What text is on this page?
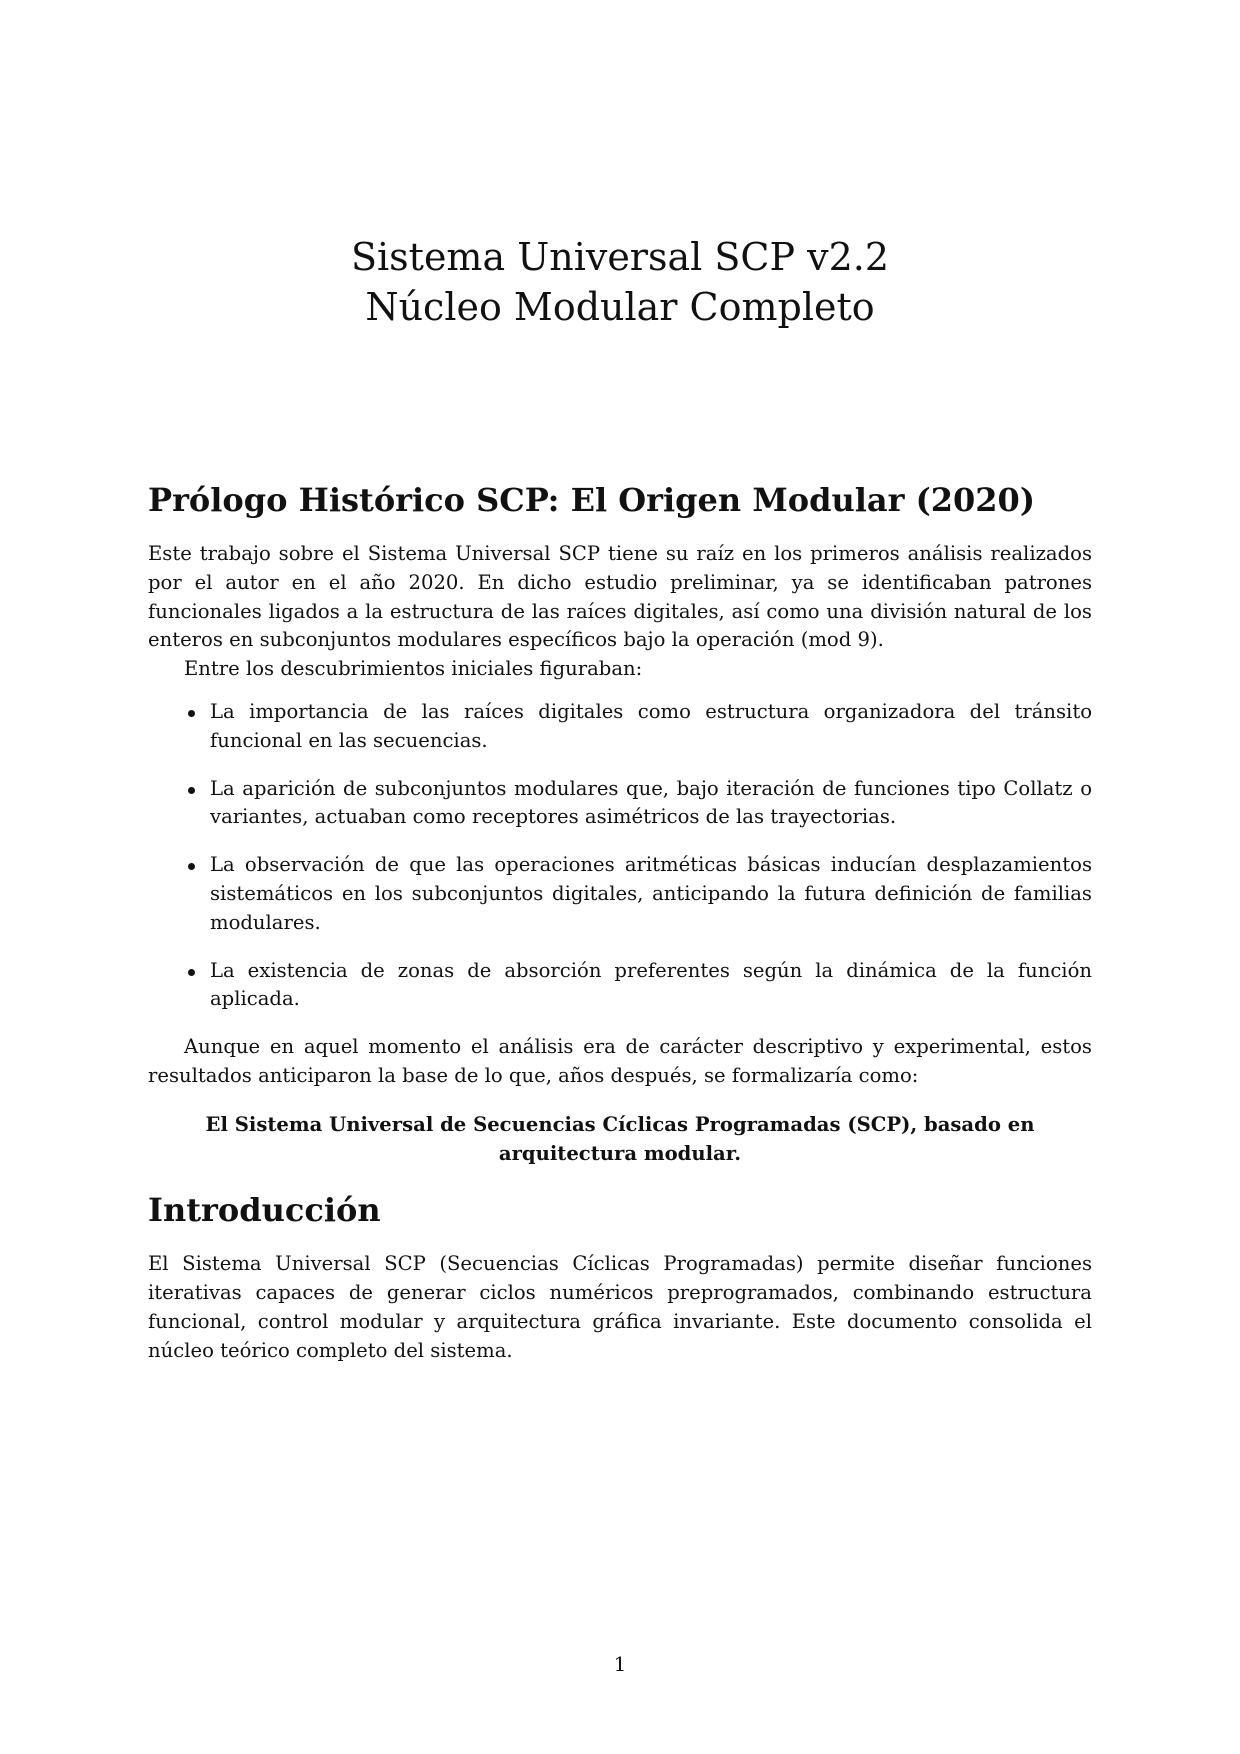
Sistema Universal SCP v2.2

Núcleo Modular Completo

Prólogo Histórico SCP: El Origen Modular (2020)

Este trabajo sobre el Sistema Universal SCP tiene su raíz en los primeros análisis realizados por el autor en el año 2020. En dicho estudio preliminar, ya se identificaban patrones funcionales ligados a la estructura de las raíces digitales, así como una división natural de los enteros en subconjuntos modulares específicos bajo la operación (mod 9).

Entre los descubrimientos iniciales figuraban:

La importancia de las raíces digitales como estructura organizadora del tránsito funcional en las secuencias.
La aparición de subconjuntos modulares que, bajo iteración de funciones tipo Collatz o variantes, actuaban como receptores asimétricos de las trayectorias.
La observación de que las operaciones aritméticas básicas inducían desplazamientos sistemáticos en los subconjuntos digitales, anticipando la futura definición de familias modulares.
La existencia de zonas de absorción preferentes según la dinámica de la función aplicada.

Aunque en aquel momento el análisis era de carácter descriptivo y experimental, estos resultados anticiparon la base de lo que, años después, se formalizaría como:

El Sistema Universal de Secuencias Cíclicas Programadas (SCP), basado en arquitectura modular.
Introducción

El Sistema Universal SCP (Secuencias Cíclicas Programadas) permite diseñar funciones iterativas capaces de generar ciclos numéricos preprogramados, combinando estructura funcional, control modular y arquitectura gráfica invariante. Este documento consolida el núcleo teórico completo del sistema.

1
